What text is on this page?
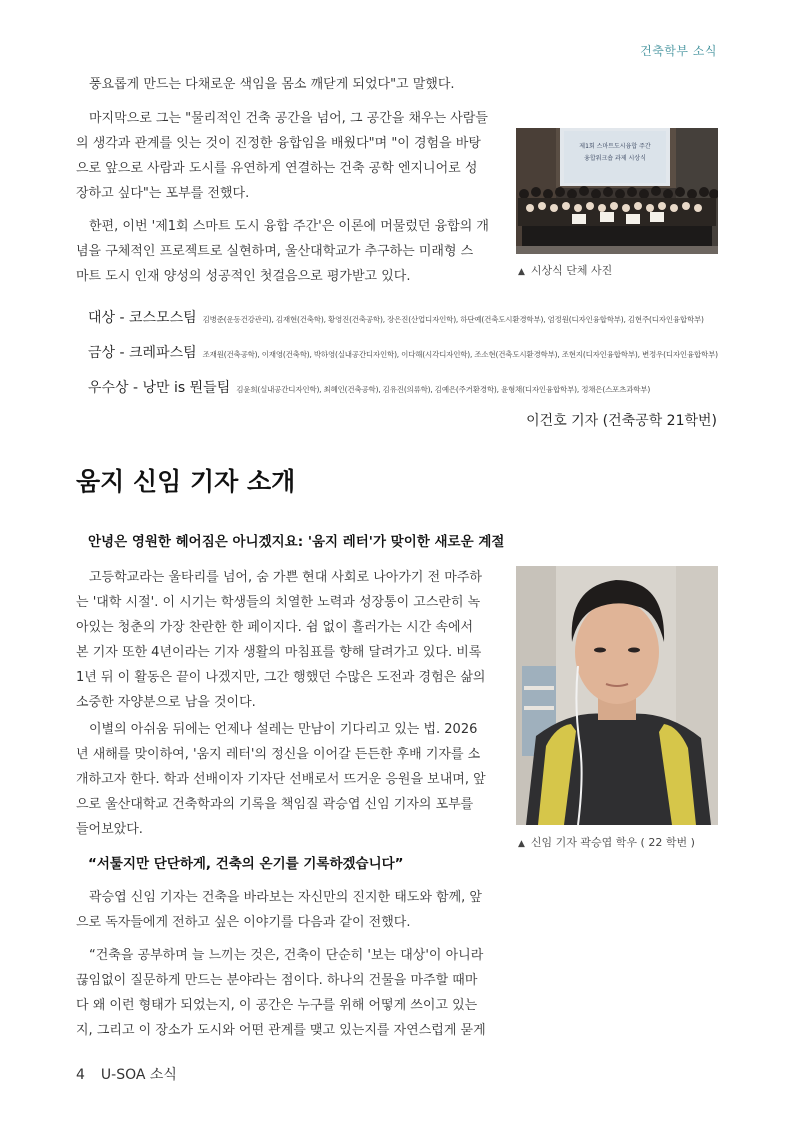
건축학부 소식
풍요롭게 만드는 다채로운 색임을 몸소 깨닫게 되었다"고 말했다.
마지막으로 그는 "물리적인 건축 공간을 넘어, 그 공간을 채우는 사람들
의 생각과 관계를 잇는 것이 진정한 융합임을 배웠다"며 "이 경험을 바탕
으로 앞으로 사람과 도시를 유연하게 연결하는 건축 공학 엔지니어로 성
장하고 싶다"는 포부를 전했다.
한편, 이번 '제1회 스마트 도시 융합 주간'은 이론에 머물렀던 융합의 개
념을 구체적인 프로젝트로 실현하며, 울산대학교가 추구하는 미래형 스
마트 도시 인재 양성의 성공적인 첫걸음으로 평가받고 있다.
제1회 스마트도시융합 주간
융합워크숍 과제 시상식
▲ 시상식 단체 사진
대상 - 코스모스팀 김병준(운동건강관리), 김재현(건축학), 황영진(건축공학), 장은진(산업디자인학), 하단예(건축도시환경학부), 엄정원(디자인융합학부), 김현주(디자인융합학부)
금상 - 크레파스팀 조재원(건축공학), 이재영(건축학), 박하영(실내공간디자인학), 이다해(시각디자인학), 조소현(건축도시환경학부), 조현지(디자인융합학부), 변정우(디자인융합학부)
우수상 - 낭만 is 뭔들팀 김윤희(실내공간디자인학), 최혜인(건축공학), 김유진(의류학), 김예은(주거환경학), 윤형채(디자인융합학부), 정채은(스포츠과학부)
이건호 기자 (건축공학 21학번)
움지 신임 기자 소개
안녕은 영원한 헤어짐은 아니겠지요: '움지 레터'가 맞이한 새로운 계절
고등학교라는 울타리를 넘어, 숨 가쁜 현대 사회로 나아가기 전 마주하
는 '대학 시절'. 이 시기는 학생들의 치열한 노력과 성장통이 고스란히 녹
아있는 청춘의 가장 찬란한 한 페이지다. 쉼 없이 흘러가는 시간 속에서
본 기자 또한 4년이라는 기자 생활의 마침표를 향해 달려가고 있다. 비록
1년 뒤 이 활동은 끝이 나겠지만, 그간 행했던 수많은 도전과 경험은 삶의
소중한 자양분으로 남을 것이다.
이별의 아쉬움 뒤에는 언제나 설레는 만남이 기다리고 있는 법. 2026
년 새해를 맞이하여, '움지 레터'의 정신을 이어갈 든든한 후배 기자를 소
개하고자 한다. 학과 선배이자 기자단 선배로서 뜨거운 응원을 보내며, 앞
으로 울산대학교 건축학과의 기록을 책임질 곽승엽 신임 기자의 포부를
들어보았다.
▲ 신임 기자 곽승엽 학우 ( 22 학번 )
“서툴지만 단단하게, 건축의 온기를 기록하겠습니다”
곽승엽 신임 기자는 건축을 바라보는 자신만의 진지한 태도와 함께, 앞
으로 독자들에게 전하고 싶은 이야기를 다음과 같이 전했다.
“건축을 공부하며 늘 느끼는 것은, 건축이 단순히 '보는 대상'이 아니라
끊임없이 질문하게 만드는 분야라는 점이다. 하나의 건물을 마주할 때마
다 왜 이런 형태가 되었는지, 이 공간은 누구를 위해 어떻게 쓰이고 있는
지, 그리고 이 장소가 도시와 어떤 관계를 맺고 있는지를 자연스럽게 묻게
4 U-SOA 소식
